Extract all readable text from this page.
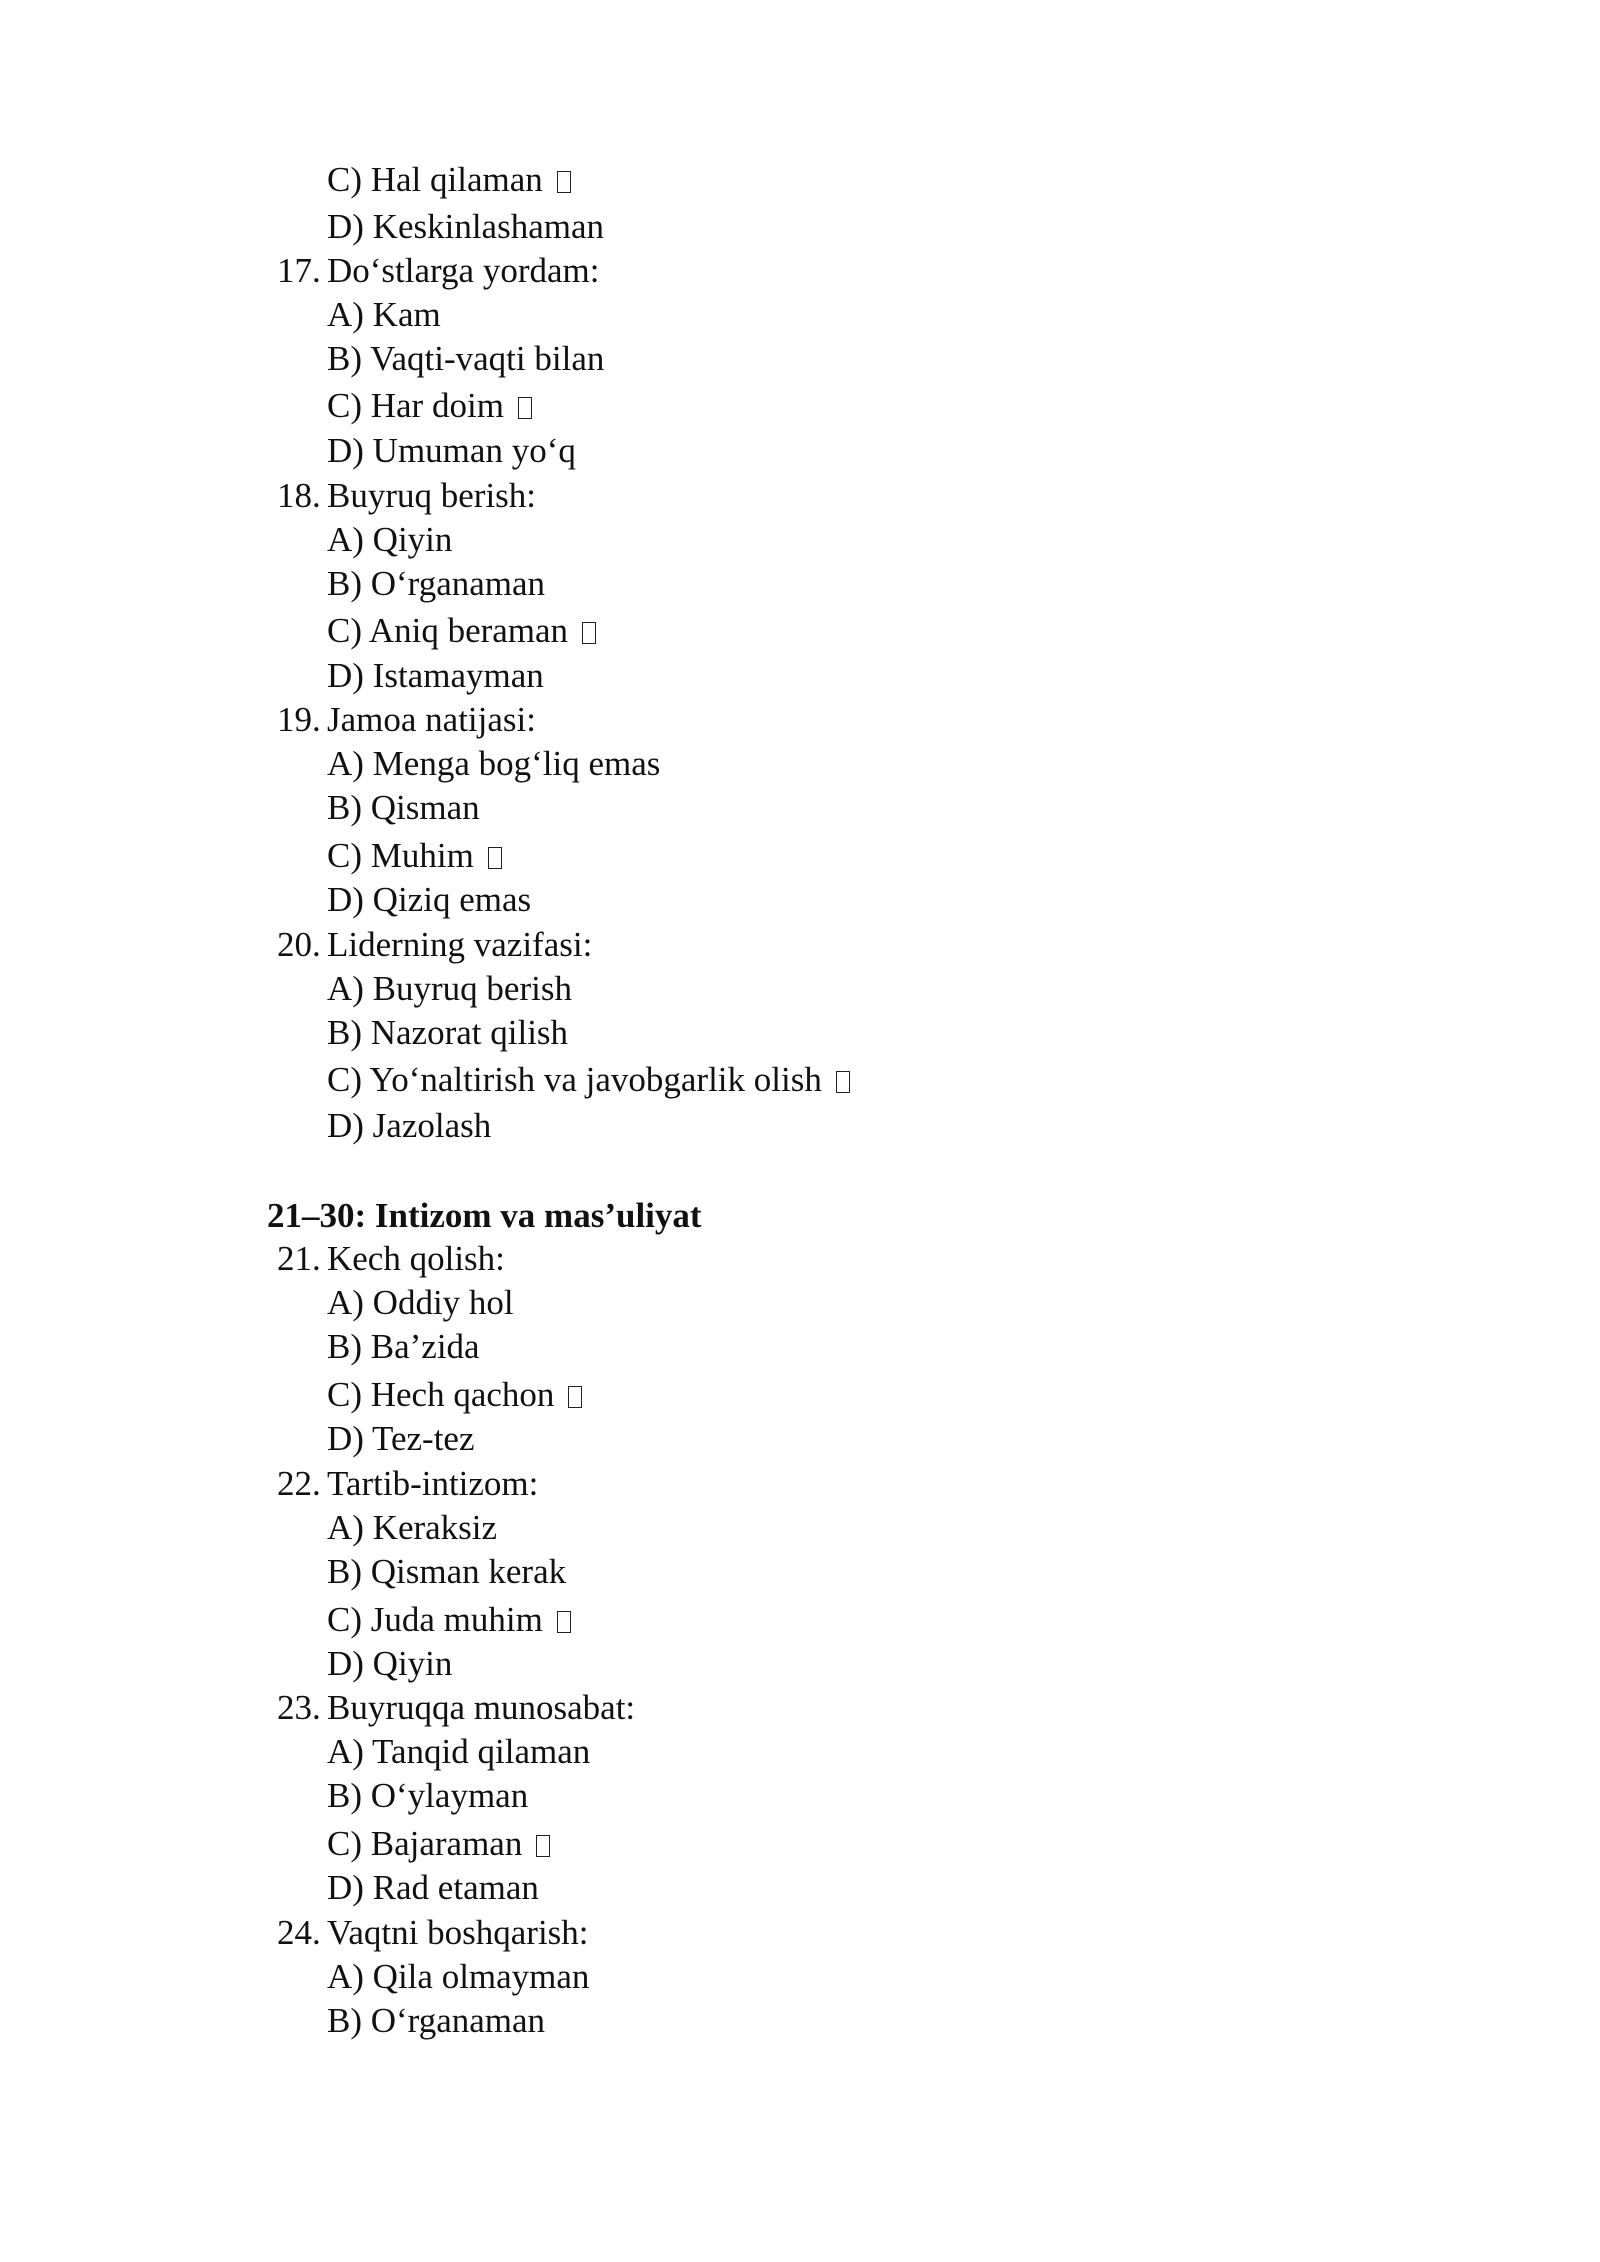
C) Hal qilaman
D) Keskinlashaman
17. Do‘stlarga yordam:
A) Kam
B) Vaqti-vaqti bilan
C) Har doim
D) Umuman yo‘q
18. Buyruq berish:
A) Qiyin
B) O‘rganaman
C) Aniq beraman
D) Istamayman
19. Jamoa natijasi:
A) Menga bog‘liq emas
B) Qisman
C) Muhim
D) Qiziq emas
20. Liderning vazifasi:
A) Buyruq berish
B) Nazorat qilish
C) Yo‘naltirish va javobgarlik olish
D) Jazolash
21–30: Intizom va mas’uliyat
21. Kech qolish:
A) Oddiy hol
B) Ba’zida
C) Hech qachon
D) Tez-tez
22. Tartib-intizom:
A) Keraksiz
B) Qisman kerak
C) Juda muhim
D) Qiyin
23. Buyruqqa munosabat:
A) Tanqid qilaman
B) O‘ylayman
C) Bajaraman
D) Rad etaman
24. Vaqtni boshqarish:
A) Qila olmayman
B) O‘rganaman
